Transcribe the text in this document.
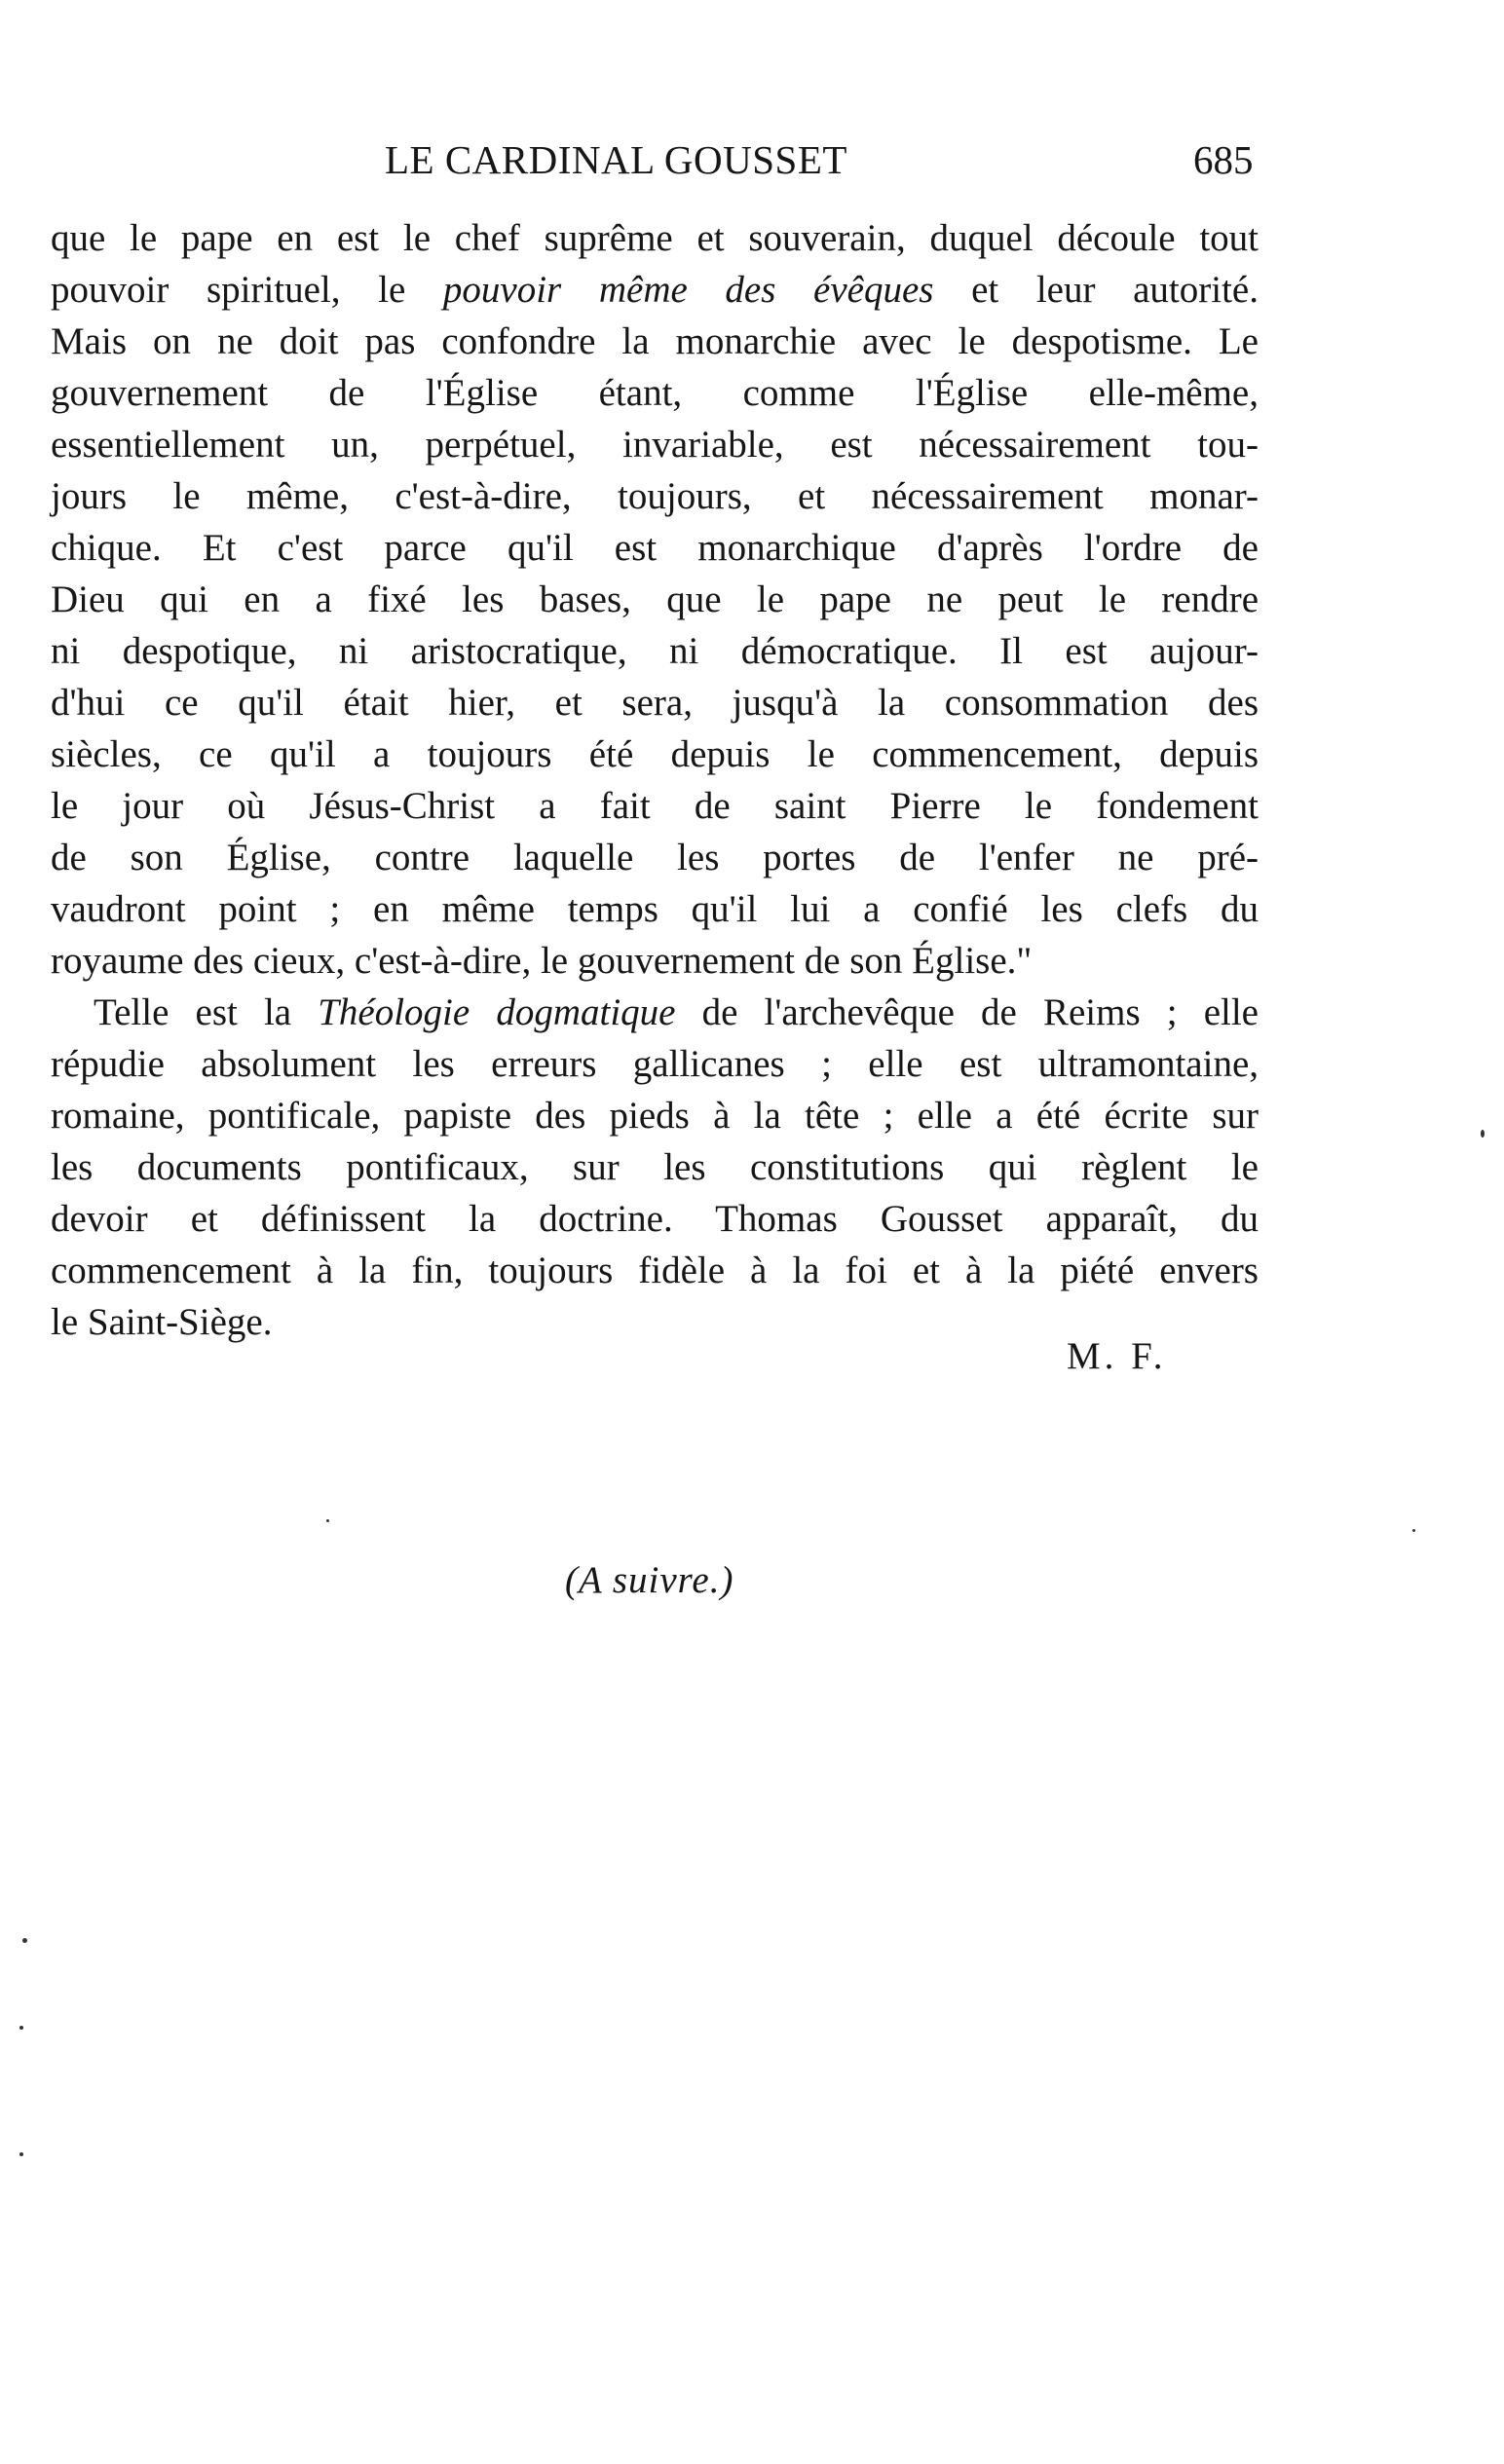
LE CARDINAL GOUSSET	685
que le pape en est le chef suprême et souverain, duquel découle tout
pouvoir spirituel, le pouvoir même des évêques et leur autorité.
Mais on ne doit pas confondre la monarchie avec le despotisme. Le
gouvernement de l'Église étant, comme l'Église elle-même,
essentiellement un, perpétuel, invariable, est nécessairement tou-
jours le même, c'est-à-dire, toujours, et nécessairement monar-
chique. Et c'est parce qu'il est monarchique d'après l'ordre de
Dieu qui en a fixé les bases, que le pape ne peut le rendre
ni despotique, ni aristocratique, ni démocratique. Il est aujour-
d'hui ce qu'il était hier, et sera, jusqu'à la consommation des
siècles, ce qu'il a toujours été depuis le commencement, depuis
le jour où Jésus-Christ a fait de saint Pierre le fondement
de son Église, contre laquelle les portes de l'enfer ne pré-
vaudront point ; en même temps qu'il lui a confié les clefs du
royaume des cieux, c'est-à-dire, le gouvernement de son Église."
Telle est la Théologie dogmatique de l'archevêque de Reims ; elle
répudie absolument les erreurs gallicanes ; elle est ultramontaine,
romaine, pontificale, papiste des pieds à la tête ; elle a été écrite sur
les documents pontificaux, sur les constitutions qui règlent le
devoir et définissent la doctrine. Thomas Gousset apparaît, du
commencement à la fin, toujours fidèle à la foi et à la piété envers
le Saint-Siège.
M. F.
(A suivre.)
